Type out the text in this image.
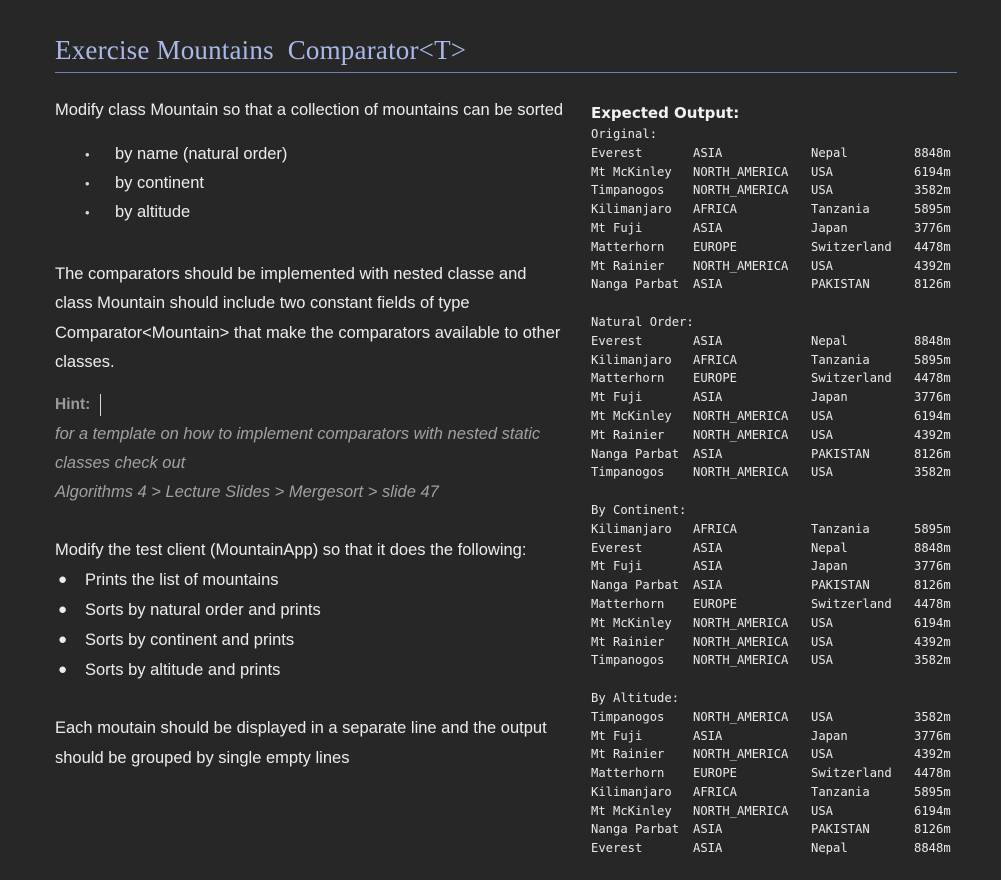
Exercise Mountains  Comparator<T>

Modify class Mountain so that a collection of mountains can be sorted

• by name (natural order)
• by continent
• by altitude

The comparators should be implemented with nested classe and class Mountain should include two constant fields of type Comparator<Mountain> that make the comparators available to other classes.

Hint:

for a template on how to implement comparators with nested static classes check out

Algorithms 4 > Lecture Slides > Mergesort > slide 47

Modify the test client (MountainApp) so that it does the following:

● Prints the list of mountains
● Sorts by natural order and prints
● Sorts by continent and prints
● Sorts by altitude and prints

Each moutain should be displayed in a separate line and the output should be grouped by single empty lines

Expected Output:
Original:
Everest	ASIA	Nepal	8848m
Mt McKinley NORTH_AMERICA USA	6194m
Timpanogos NORTH_AMERICA USA	3582m
Kilimanjaro AFRICA	Tanzania	5895m
Mt Fuji	ASIA	Japan	3776m
Matterhorn EUROPE	Switzerland 4478m
Mt Rainier NORTH_AMERICA USA	4392m
Nanga Parbat ASIA	PAKISTAN	8126m
Natural Order:
Everest	ASIA	Nepal	8848m
Kilimanjaro AFRICA	Tanzania	5895m
Matterhorn EUROPE	Switzerland 4478m
Mt Fuji	ASIA	Japan	3776m
Mt McKinley NORTH_AMERICA USA	6194m
Mt Rainier NORTH_AMERICA USA	4392m
Nanga Parbat ASIA	PAKISTAN	8126m
Timpanogos NORTH_AMERICA USA	3582m
By Continent:
Kilimanjaro AFRICA	Tanzania	5895m
Everest	ASIA	Nepal	8848m
Mt Fuji	ASIA	Japan	3776m
Nanga Parbat ASIA	PAKISTAN	8126m
Matterhorn EUROPE	Switzerland 4478m
Mt McKinley NORTH_AMERICA USA	6194m
Mt Rainier NORTH_AMERICA USA	4392m
Timpanogos NORTH_AMERICA USA	3582m
By Altitude:
Timpanogos NORTH_AMERICA USA	3582m
Mt Fuji	ASIA	Japan	3776m
Mt Rainier NORTH_AMERICA USA	4392m
Matterhorn EUROPE	Switzerland 4478m
Kilimanjaro AFRICA	Tanzania	5895m
Mt McKinley NORTH_AMERICA USA	6194m
Nanga Parbat ASIA	PAKISTAN	8126m
Everest	ASIA	Nepal	8848m
